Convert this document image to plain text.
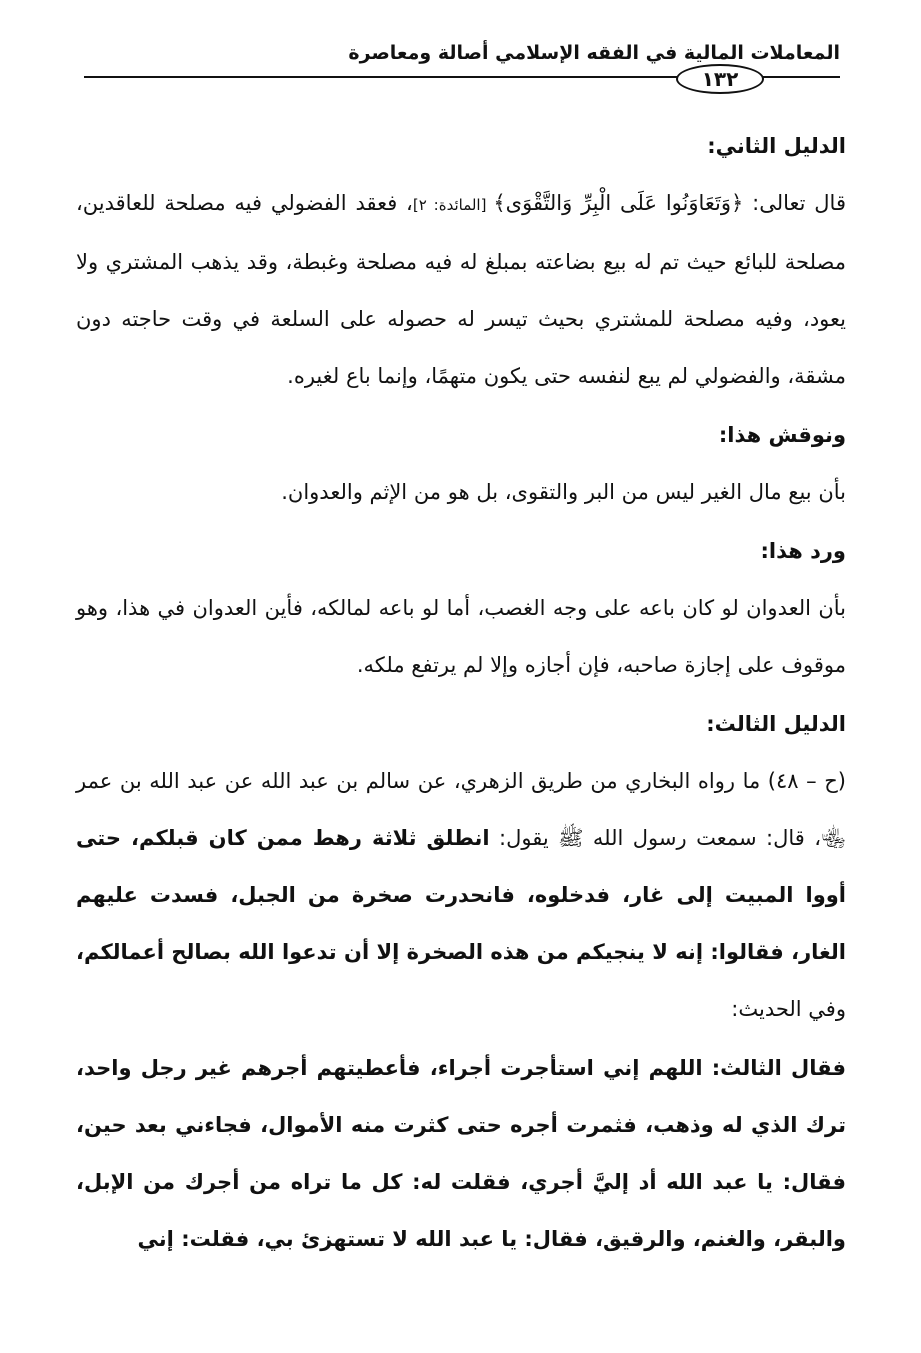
المعاملات المالية في الفقه الإسلامي أصالة ومعاصرة
١٣٢

الدليل الثاني:

قال تعالى: ﴿وَتَعَاوَنُوا عَلَى الْبِرِّ وَالتَّقْوَى﴾ [المائدة: ٢]، فعقد الفضولي فيه مصلحة للعاقدين، مصلحة للبائع حيث تم له بيع بضاعته بمبلغ له فيه مصلحة وغبطة، وقد يذهب المشتري ولا يعود، وفيه مصلحة للمشتري بحيث تيسر له حصوله على السلعة في وقت حاجته دون مشقة، والفضولي لم يبع لنفسه حتى يكون متهمًا، وإنما باع لغيره.

ونوقش هذا:

بأن بيع مال الغير ليس من البر والتقوى، بل هو من الإثم والعدوان.

ورد هذا:

بأن العدوان لو كان باعه على وجه الغصب، أما لو باعه لمالكه، فأين العدوان في هذا، وهو موقوف على إجازة صاحبه، فإن أجازه وإلا لم يرتفع ملكه.

الدليل الثالث:

(ح – ٤٨) ما رواه البخاري من طريق الزهري، عن سالم بن عبد الله عن عبد الله بن عمر ﵄، قال: سمعت رسول الله ﷺ يقول: انطلق ثلاثة رهط ممن كان قبلكم، حتى أووا المبيت إلى غار، فدخلوه، فانحدرت صخرة من الجبل، فسدت عليهم الغار، فقالوا: إنه لا ينجيكم من هذه الصخرة إلا أن تدعوا الله بصالح أعمالكم، وفي الحديث:

فقال الثالث: اللهم إني استأجرت أجراء، فأعطيتهم أجرهم غير رجل واحد، ترك الذي له وذهب، فثمرت أجره حتى كثرت منه الأموال، فجاءني بعد حين، فقال: يا عبد الله أد إليَّ أجري، فقلت له: كل ما تراه من أجرك من الإبل، والبقر، والغنم، والرقيق، فقال: يا عبد الله لا تستهزئ بي، فقلت: إني
